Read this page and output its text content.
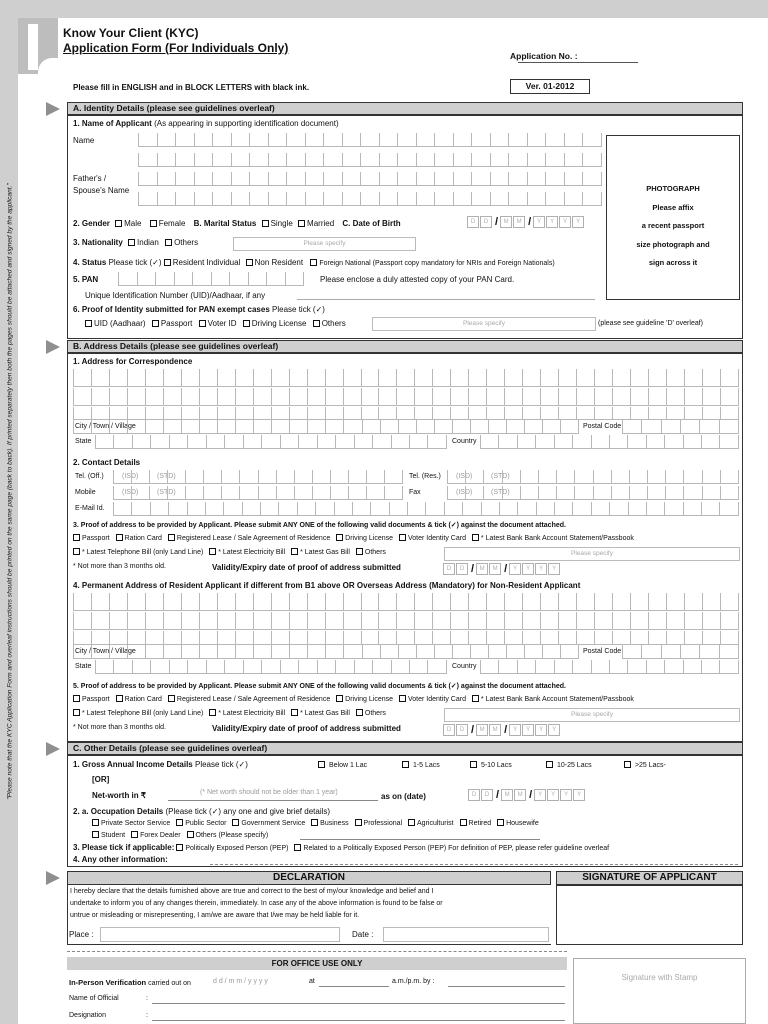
Know Your Client (KYC)
Application Form (For Individuals Only)
Application No. :
Ver. 01-2012
Please fill in ENGLISH and in BLOCK LETTERS with black ink.
"Please note that the KYC Application Form and overleaf instructions should be printed on the same page (back to back). If printed separately then both the pages should be attached and signed by the applicant."
A. Identity Details (please see guidelines overleaf)
1. Name of Applicant (As appearing in supporting identification document)
Name
Father's /
Spouse's Name	PHOTOGRAPH
Please affix
a recent passport
size photograph and
sign across it
2. Gender Male Female B. Marital Status Single Married C. Date of Birth	D	D / M	M / Y	Y	Y	Y
3. Nationality Indian Others	Please specify
4. Status Please tick (✓) Resident Individual Non Resident Foreign National (Passport copy mandatory for NRIs and Foreign Nationals)
5. PAN	Please enclose a duly attested copy of your PAN Card.
Unique Identification Number (UID)/Aadhaar, if any
6. Proof of Identity submitted for PAN exempt cases Please tick (✓)
UID (Aadhaar) Passport Voter ID Driving License Others	Please specify	(please see guideline 'D' overleaf)
B. Address Details (please see guidelines overleaf)
1. Address for Correspondence
City / Town / Village	Postal Code
State	Country
2. Contact Details
Tel. (Off.)	(ISD)	(STD)	Tel. (Res.) (ISD)	(STD)
Mobile	(ISD)	(STD)	Fax	(ISD)	(STD)
E-Mail Id.
3. Proof of address to be provided by Applicant. Please submit ANY ONE of the following valid documents & tick (✓) against the document attached.
Passport Ration Card Registered Lease / Sale Agreement of Residence Driving License Voter Identity Card * Latest Bank Bank Account Statement/Passbook
* Latest Telephone Bill (only Land Line) * Latest Electricity Bill * Latest Gas Bill Others	Please specify
* Not more than 3 months old.	Validity/Expiry date of proof of address submitted	D	D / M	M / Y	Y	Y	Y
4. Permanent Address of Resident Applicant if different from B1 above OR Overseas Address (Mandatory) for Non-Resident Applicant
City / Town / Village	Postal Code
State	Country
5. Proof of address to be provided by Applicant. Please submit ANY ONE of the following valid documents & tick (✓) against the document attached.
Passport Ration Card Registered Lease / Sale Agreement of Residence Driving License Voter Identity Card * Latest Bank Bank Account Statement/Passbook
* Latest Telephone Bill (only Land Line) * Latest Electricity Bill * Latest Gas Bill Others	Please specify
* Not more than 3 months old.	Validity/Expiry date of proof of address submitted	D	D / M	M / Y	Y	Y	Y
C. Other Details (please see guidelines overleaf)
1. Gross Annual Income Details Please tick (✓)	Below 1 Lac	1-5 Lacs	5-10 Lacs	10-25 Lacs	>25 Lacs-
[OR]
Net-worth in ₹	(* Net worth should not be older than 1 year)	as on (date)	D	D / M	M / Y	Y	Y	Y
2. a. Occupation Details (Please tick (✓) any one and give brief details)
Private Sector Service Public Sector Government Service Business Professional Agriculturist Retired Housewife
Student Forex Dealer Others (Please specify)
3. Please tick if applicable: Politically Exposed Person (PEP) Related to a Politically Exposed Person (PEP) For definition of PEP, please refer guideline overleaf
4. Any other information:
DECLARATION	SIGNATURE OF APPLICANT
I hereby declare that the details furnished above are true and correct to the best of my/our knowledge and belief and I
undertake to inform you of any changes therein, immediately. In case any of the above information is found to be false or
untrue or misleading or misrepresenting, I am/we are aware that I/we may be held liable for it.
Place :	Date :
FOR OFFICE USE ONLY
In-Person Verification carried out on	d d / m m / y y y y	at	a.m./p.m. by :
Name of Official	:
Designation	:
Signature with Stamp
